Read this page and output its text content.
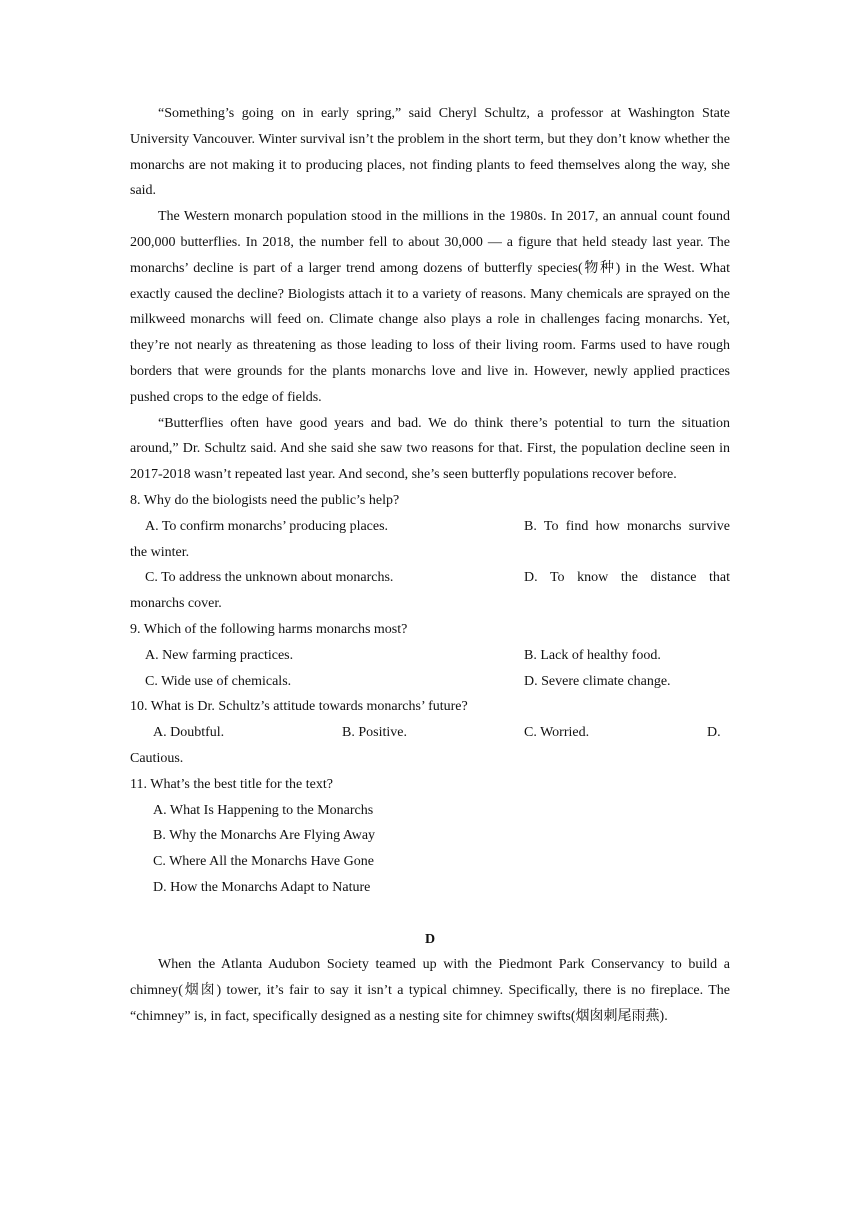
“Something’s going on in early spring,” said Cheryl Schultz, a professor at Washington State University Vancouver. Winter survival isn’t the problem in the short term, but they don’t know whether the monarchs are not making it to producing places, not finding plants to feed themselves along the way, she said.

The Western monarch population stood in the millions in the 1980s. In 2017, an annual count found 200,000 butterflies. In 2018, the number fell to about 30,000 — a figure that held steady last year. The monarchs’ decline is part of a larger trend among dozens of butterfly species(物种) in the West. What exactly caused the decline? Biologists attach it to a variety of reasons. Many chemicals are sprayed on the milkweed monarchs will feed on. Climate change also plays a role in challenges facing monarchs. Yet, they’re not nearly as threatening as those leading to loss of their living room. Farms used to have rough borders that were grounds for the plants monarchs love and live in. However, newly applied practices pushed crops to the edge of fields.

“Butterflies often have good years and bad. We do think there’s potential to turn the situation around,” Dr. Schultz said. And she said she saw two reasons for that. First, the population decline seen in 2017-2018 wasn’t repeated last year. And second, she’s seen butterfly populations recover before.

8. Why do the biologists need the public’s help?

A. To confirm monarchs’ producing places.	B. To find how monarchs survive

the winter.

C. To address the unknown about monarchs.	D.  To  know  the  distance  that

monarchs cover.

9. Which of the following harms monarchs most?

A. New farming practices.	B. Lack of healthy food.
C. Wide use of chemicals.	D. Severe climate change.

10. What is Dr. Schultz’s attitude towards monarchs’ future?

A. Doubtful.	B. Positive.	C. Worried.	D.

Cautious.

11. What’s the best title for the text?

A. What Is Happening to the Monarchs

B. Why the Monarchs Are Flying Away

C. Where All the Monarchs Have Gone

D. How the Monarchs Adapt to Nature

D

When the Atlanta Audubon Society teamed up with the Piedmont Park Conservancy to build a chimney(烟囱) tower, it’s fair to say it isn’t a typical chimney. Specifically, there is no fireplace. The “chimney” is, in fact, specifically designed as a nesting site for chimney swifts(烟囱刺尾雨燕).
